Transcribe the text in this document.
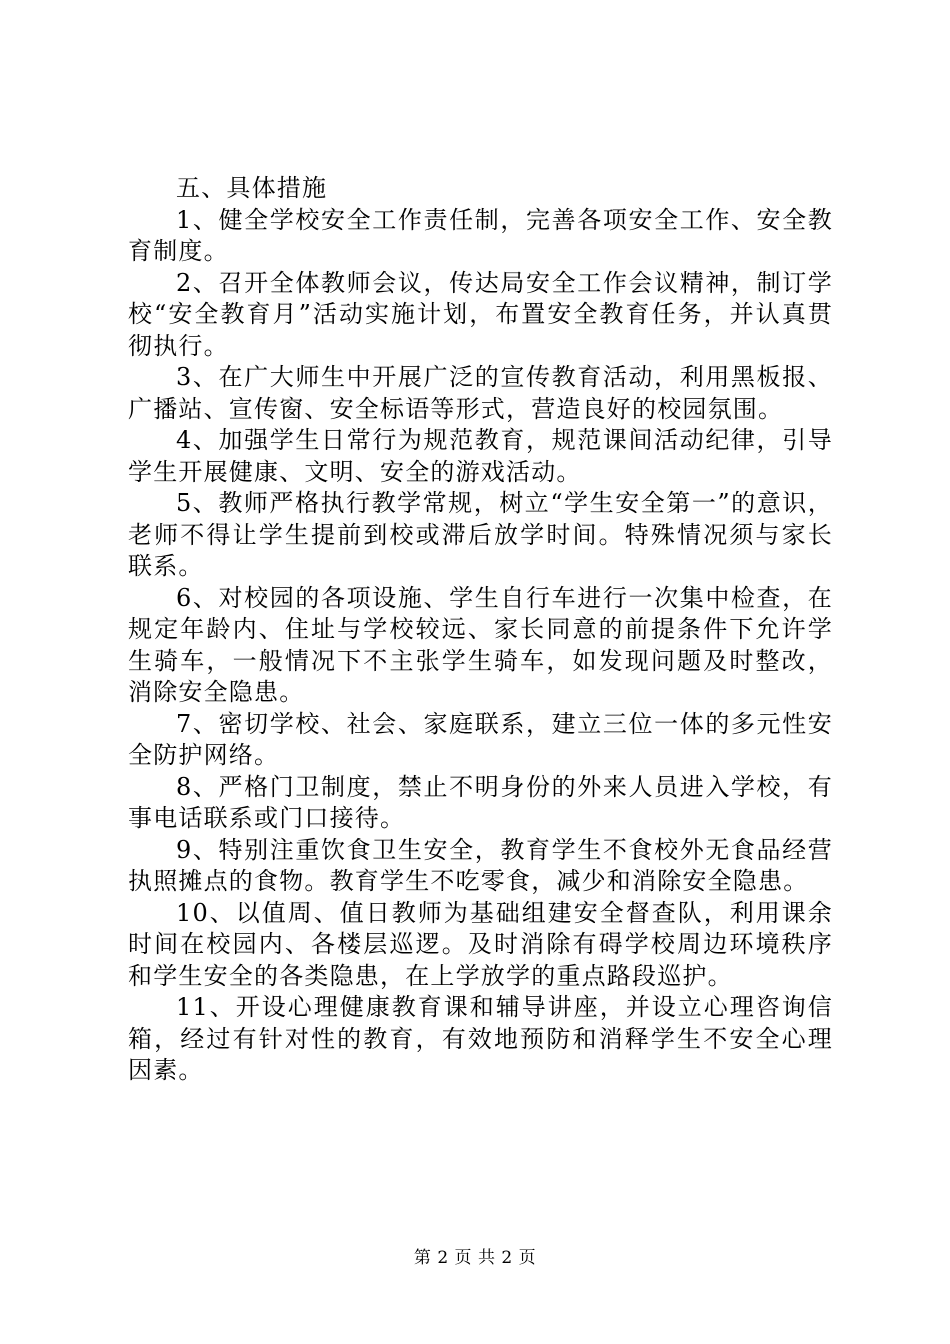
五、具体措施

1、健全学校安全工作责任制，完善各项安全工作、安全教育制度。

2、召开全体教师会议，传达局安全工作会议精神，制订学校“安全教育月”活动实施计划，布置安全教育任务，并认真贯彻执行。

3、在广大师生中开展广泛的宣传教育活动，利用黑板报、广播站、宣传窗、安全标语等形式，营造良好的校园氛围。

4、加强学生日常行为规范教育，规范课间活动纪律，引导学生开展健康、文明、安全的游戏活动。

5、教师严格执行教学常规，树立“学生安全第一”的意识，老师不得让学生提前到校或滞后放学时间。特殊情况须与家长联系。

6、对校园的各项设施、学生自行车进行一次集中检查，在规定年龄内、住址与学校较远、家长同意的前提条件下允许学生骑车，一般情况下不主张学生骑车，如发现问题及时整改，消除安全隐患。

7、密切学校、社会、家庭联系，建立三位一体的多元性安全防护网络。

8、严格门卫制度，禁止不明身份的外来人员进入学校，有事电话联系或门口接待。

9、特别注重饮食卫生安全，教育学生不食校外无食品经营执照摊点的食物。教育学生不吃零食，减少和消除安全隐患。

10、以值周、值日教师为基础组建安全督查队，利用课余时间在校园内、各楼层巡逻。及时消除有碍学校周边环境秩序和学生安全的各类隐患，在上学放学的重点路段巡护。

11、开设心理健康教育课和辅导讲座，并设立心理咨询信箱，经过有针对性的教育，有效地预防和消释学生不安全心理因素。

第 2 页 共 2 页
